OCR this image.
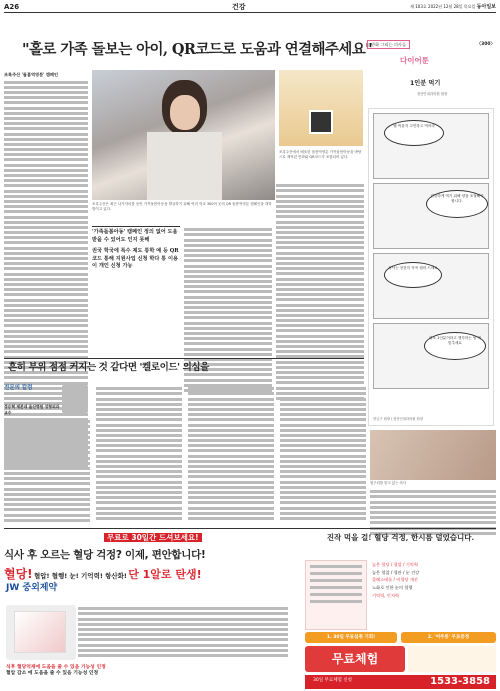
A26	건강	제 103호 2022년 12월 28일 목요일 동아일보
"홀로 가족 돌보는 아이, QR코드로 도움과 연결해주세요"
조록주산 '돌봄역영툰' 캠페인
조록주산은 최근 나가자의를 동안 가족돌봄아동을 발굴하기 위해 여러 학교 300여 곳의 QR 돌봄역영툰 캠페인을 대학 벌이고 있다.
조록주산에서 배포한 돌봄역영툰 가족돌봄아동을 바탕으로 제작된 만화와 QR코드가 포함되어 있다.
'가족돌봄아동' 캠페인 정의 없어 도움 받을 수 있어도 인지 못해
권국 학국에 특수 제도 통학 예 등 QR코드 통해 지원사업 신청 학다 통 이용이 개인 신청 가능
만화 그리는 의사들	〈300〉
다이어툰
1인분 먹기
정산인내과의원 원장
뭘 먹을지 고민하고 먹어라
건강하게 먹기 위해 양을 조절해야 합니다.
식사는 천천히 꼭꼭 씹어 드세요
평소 1인분이라고 생각하는 양 에 맞추세요
양금구 원장 / 정산인내과의원 원장
흔히 부위 점점 커지는 것 같다면 '켈로이드' 의심을
전문의 칼럼
정승혁 제본네 울산병원 성형외과 교수
옆구리를 맞고 있는 의사
무료로 30일간 드셔보세요!
식사 후 오르는 혈당 걱정? 이제, 편안합니다!
혈당! 혈압! 혈행! 눈! 기억력! 항산화! 단 1알로 탄생!
JW 중외제약
식후 혈당억제에 도움을 줄 수 있음 기능성 인정
혈압 감소 에 도움을 줄 수 있음 기능성 인정
진작 먹을 걸! 혈당 걱정, 한시름 덜었습니다.
높은 혈당 / 혈압 / 기억력
높은 혈압 / 혈관 / 눈 건강
콜레스테롤 / 비혈당 개선
노화로 인한 눈의 혈행
기억력, 인지력
1. 30일 무료섭취 기회!	2. '여주롱' 무료증정
무료체험
30일 무료체험 신청	1533-3858
